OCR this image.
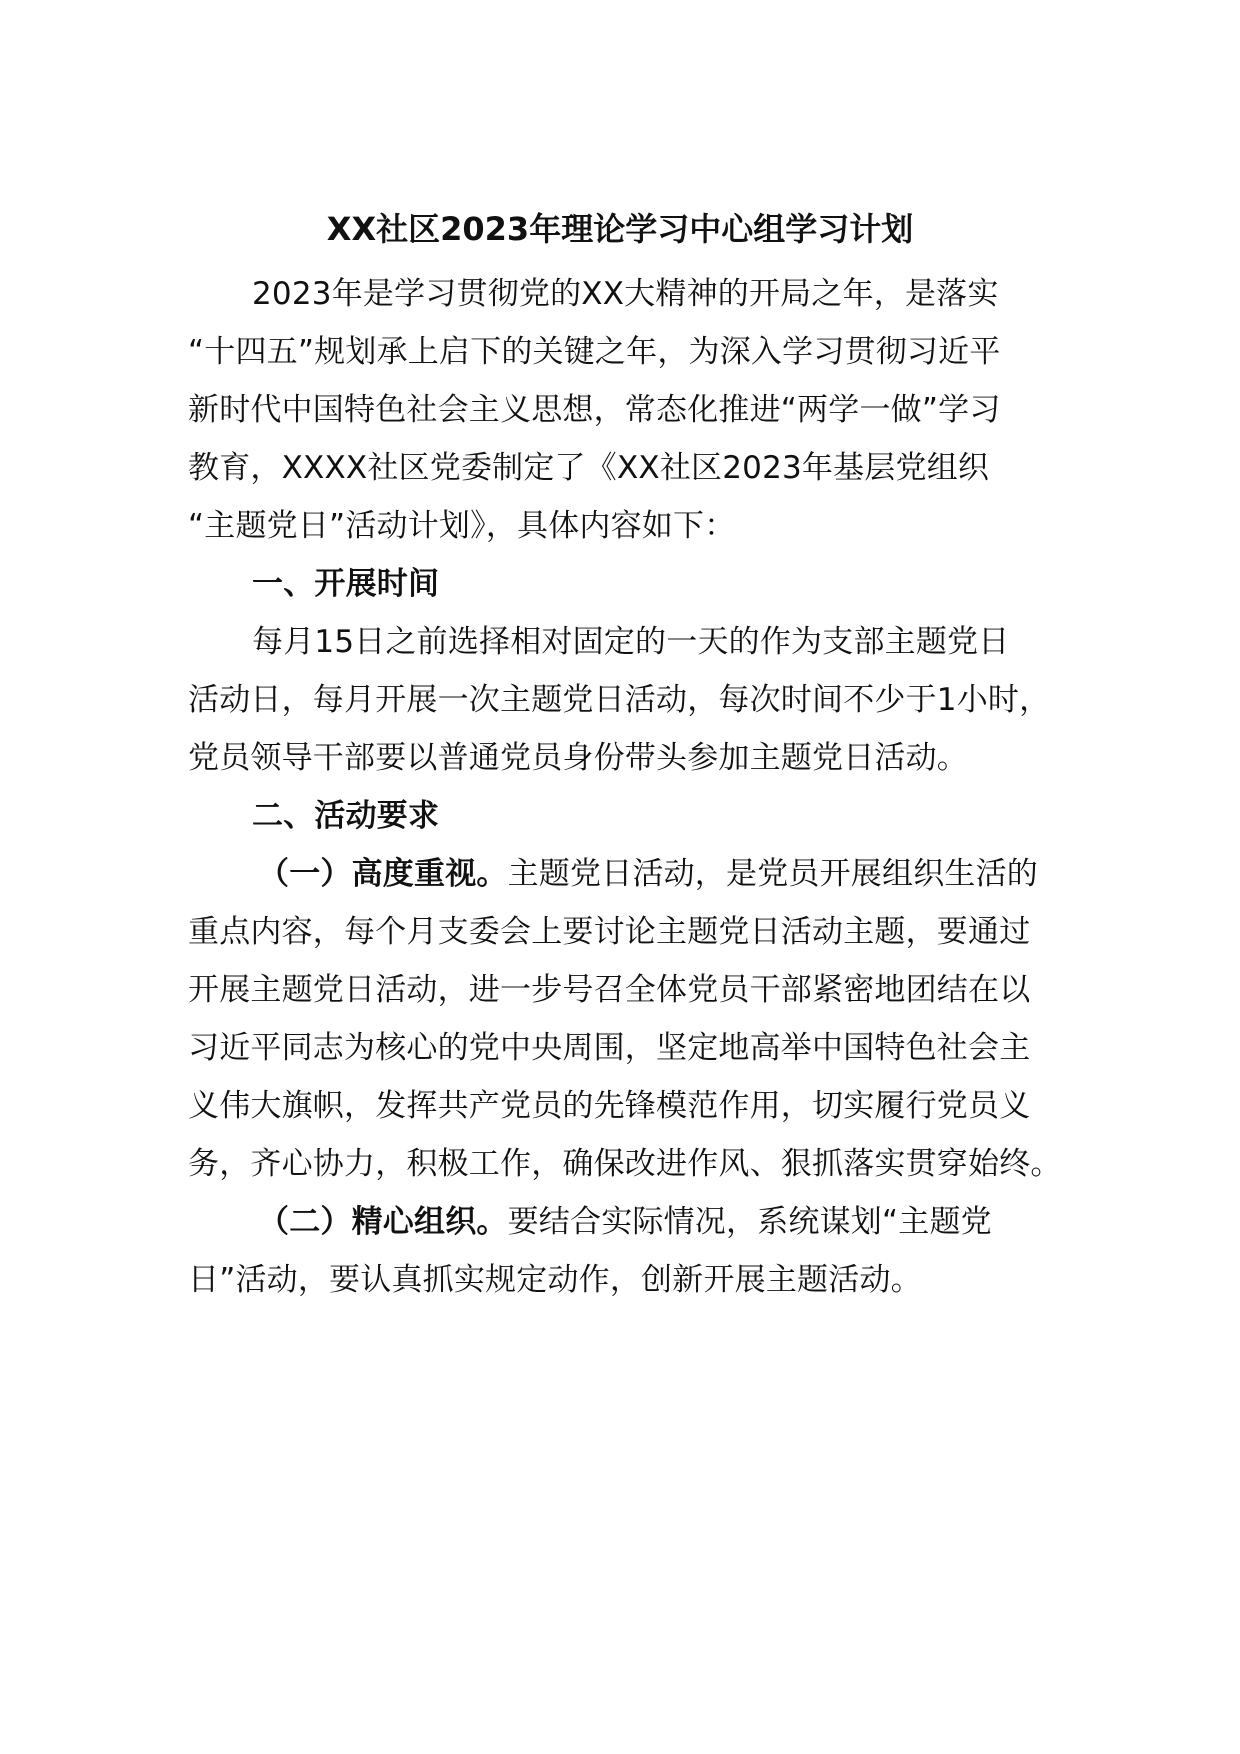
XX社区2023年理论学习中心组学习计划

2023年是学习贯彻党的XX大精神的开局之年，是落实

“十四五”规划承上启下的关键之年，为深入学习贯彻习近平

新时代中国特色社会主义思想，常态化推进“两学一做”学习

教育，XXXX社区党委制定了《XX社区2023年基层党组织

“主题党日”活动计划》，具体内容如下：

一、开展时间

每月15日之前选择相对固定的一天的作为支部主题党日

活动日，每月开展一次主题党日活动，每次时间不少于1小时，

党员领导干部要以普通党员身份带头参加主题党日活动。

二、活动要求

（一）高度重视。主题党日活动，是党员开展组织生活的

重点内容，每个月支委会上要讨论主题党日活动主题，要通过

开展主题党日活动，进一步号召全体党员干部紧密地团结在以

习近平同志为核心的党中央周围，坚定地高举中国特色社会主

义伟大旗帜，发挥共产党员的先锋模范作用，切实履行党员义

务，齐心协力，积极工作，确保改进作风、狠抓落实贯穿始终。

（二）精心组织。要结合实际情况，系统谋划“主题党

日”活动，要认真抓实规定动作，创新开展主题活动。
